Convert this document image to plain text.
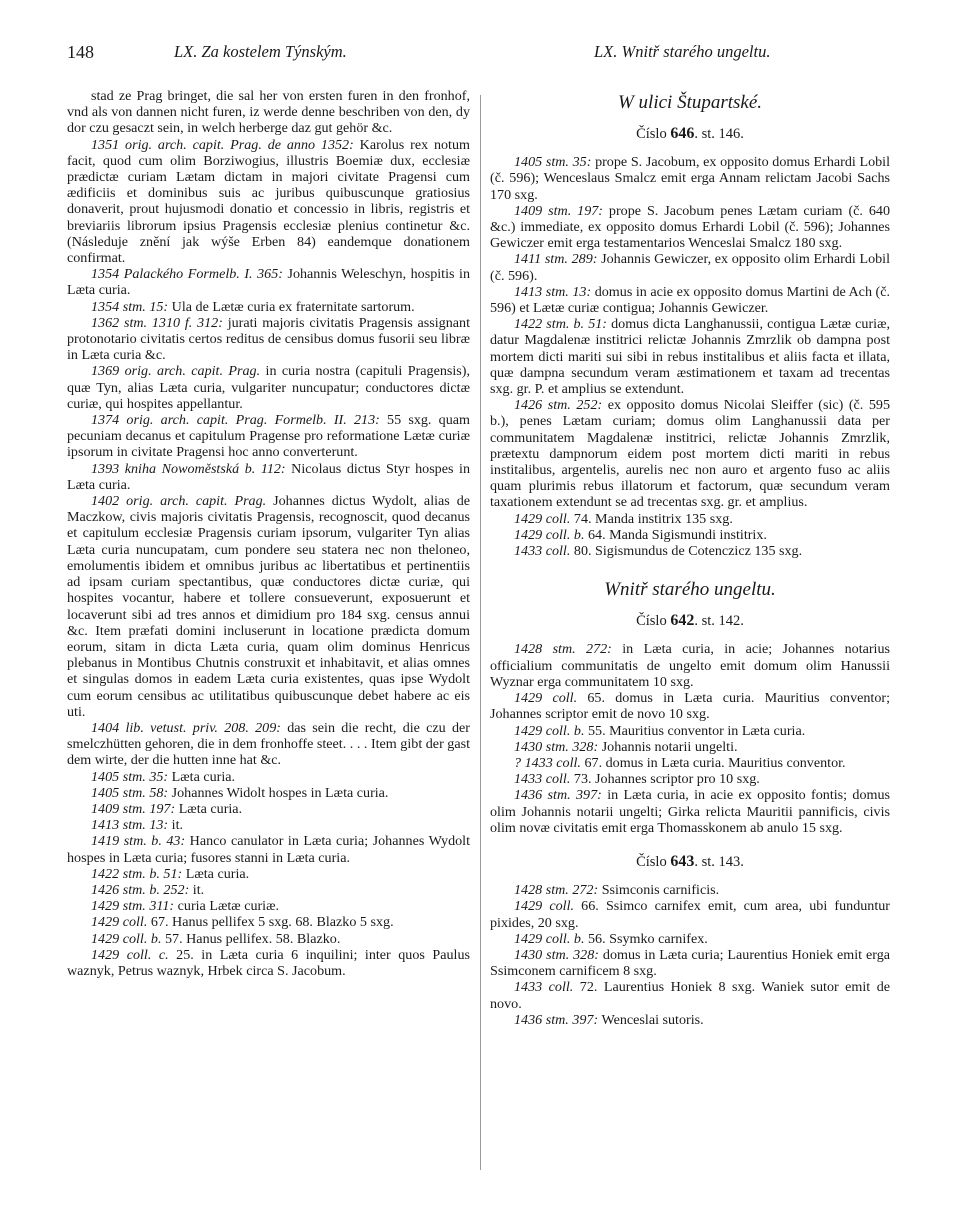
148	LX. Za kostelem Týnským.	LX. Wnitř starého ungeltu.

stad ze Prag bringet, die sal her von ersten furen in den fronhof, vnd als von dannen nicht furen, iz werde denne beschriben von den, dy dor czu gesaczt sein, in welch herberge daz gut gehör &c.

1351 orig. arch. capit. Prag. de anno 1352: Karolus rex notum facit, quod cum olim Borziwogius, illustris Boemiæ dux, ecclesiæ prædictæ curiam Lætam dictam in majori civitate Pragensi cum ædificiis et dominibus suis ac juribus quibuscunque gratiosius donaverit, prout hujusmodi donatio et concessio in libris, registris et breviariis librorum ipsius Pragensis ecclesiæ plenius continetur &c. (Následuje znění jak wýše Erben 84) eandemque donationem confirmat.

1354 Palackého Formelb. I. 365: Johannis Weleschyn, hospitis in Læta curia.

1354 stm. 15: Ula de Lætæ curia ex fraternitate sartorum.

1362 stm. 1310 f. 312: jurati majoris civitatis Pragensis assignant protonotario civitatis certos reditus de censibus domus fusorii seu libræ in Læta curia &c.

1369 orig. arch. capit. Prag. in curia nostra (capituli Pragensis), quæ Tyn, alias Læta curia, vulgariter nuncupatur; conductores dictæ curiæ, qui hospites appellantur.

1374 orig. arch. capit. Prag. Formelb. II. 213: 55 sxg. quam pecuniam decanus et capitulum Pragense pro reformatione Lætæ curiæ ipsorum in civitate Pragensi hoc anno converterunt.

1393 kniha Nowoměstská b. 112: Nicolaus dictus Styr hospes in Læta curia.

1402 orig. arch. capit. Prag. Johannes dictus Wydolt, alias de Maczkow, civis majoris civitatis Pragensis, recognoscit, quod decanus et capitulum ecclesiæ Pragensis curiam ipsorum, vulgariter Tyn alias Læta curia nuncupatam, cum pondere seu statera nec non theloneo, emolumentis ibidem et omnibus juribus ac libertatibus et pertinentiis ad ipsam curiam spectantibus, quæ conductores dictæ curiæ, qui hospites vocantur, habere et tollere consueverunt, exposuerunt et locaverunt sibi ad tres annos et dimidium pro 184 sxg. census annui &c. Item præfati domini incluserunt in locatione prædicta domum eorum, sitam in dicta Læta curia, quam olim dominus Henricus plebanus in Montibus Chutnis construxit et inhabitavit, et alias omnes et singulas domos in eadem Læta curia existentes, quas ipse Wydolt cum eorum censibus ac utilitatibus quibuscunque debet habere ac eis uti.

1404 lib. vetust. priv. 208. 209: das sein die recht, die czu der smelczhütten gehoren, die in dem fronhoffe steet. . . . Item gibt der gast dem wirte, der die hutten inne hat &c.

1405 stm. 35: Læta curia.

1405 stm. 58: Johannes Widolt hospes in Læta curia.

1409 stm. 197: Læta curia.

1413 stm. 13: it.

1419 stm. b. 43: Hanco canulator in Læta curia; Johannes Wydolt hospes in Læta curia; fusores stanni in Læta curia.

1422 stm. b. 51: Læta curia.

1426 stm. b. 252: it.

1429 stm. 311: curia Lætæ curiæ.

1429 coll. 67. Hanus pellifex 5 sxg. 68. Blazko 5 sxg.

1429 coll. b. 57. Hanus pellifex. 58. Blazko.

1429 coll. c. 25. in Læta curia 6 inquilini; inter quos Paulus waznyk, Petrus waznyk, Hrbek circa S. Jacobum.

W ulici Štupartské.

Číslo 646. st. 146.

1405 stm. 35: prope S. Jacobum, ex opposito domus Erhardi Lobil (č. 596); Wenceslaus Smalcz emit erga Annam relictam Jacobi Sachs 170 sxg.

1409 stm. 197: prope S. Jacobum penes Lætam curiam (č. 640 &c.) immediate, ex opposito domus Erhardi Lobil (č. 596); Johannes Gewiczer emit erga testamentarios Wenceslai Smalcz 180 sxg.

1411 stm. 289: Johannis Gewiczer, ex opposito olim Erhardi Lobil (č. 596).

1413 stm. 13: domus in acie ex opposito domus Martini de Ach (č. 596) et Lætæ curiæ contigua; Johannis Gewiczer.

1422 stm. b. 51: domus dicta Langhanussii, contigua Lætæ curiæ, datur Magdalenæ institrici relictæ Johannis Zmrzlik ob dampna post mortem dicti mariti sui sibi in rebus institalibus et aliis facta et illata, quæ dampna secundum veram æstimationem et taxam ad trecentas sxg. gr. P. et amplius se extendunt.

1426 stm. 252: ex opposito domus Nicolai Sleiffer (sic) (č. 595 b.), penes Lætam curiam; domus olim Langhanussii data per communitatem Magdalenæ institrici, relictæ Johannis Zmrzlik, prætextu dampnorum eidem post mortem dicti mariti in rebus institalibus, argentelis, aurelis nec non auro et argento fuso ac aliis quam plurimis rebus illatorum et factorum, quæ secundum veram taxationem extendunt se ad trecentas sxg. gr. et amplius.

1429 coll. 74. Manda institrix 135 sxg.

1429 coll. b. 64. Manda Sigismundi institrix.

1433 coll. 80. Sigismundus de Cotenczicz 135 sxg.

Wnitř starého ungeltu.

Číslo 642. st. 142.

1428 stm. 272: in Læta curia, in acie; Johannes notarius officialium communitatis de ungelto emit domum olim Hanussii Wyznar erga communitatem 10 sxg.

1429 coll. 65. domus in Læta curia. Mauritius conventor; Johannes scriptor emit de novo 10 sxg.

1429 coll. b. 55. Mauritius conventor in Læta curia.

1430 stm. 328: Johannis notarii ungelti.

? 1433 coll. 67. domus in Læta curia. Mauritius conventor.

1433 coll. 73. Johannes scriptor pro 10 sxg.

1436 stm. 397: in Læta curia, in acie ex opposito fontis; domus olim Johannis notarii ungelti; Girka relicta Mauritii pannificis, civis olim novæ civitatis emit erga Thomasskonem ab anulo 15 sxg.

Číslo 643. st. 143.

1428 stm. 272: Ssimconis carnificis.

1429 coll. 66. Ssimco carnifex emit, cum area, ubi funduntur pixides, 20 sxg.

1429 coll. b. 56. Ssymko carnifex.

1430 stm. 328: domus in Læta curia; Laurentius Honiek emit erga Ssimconem carnificem 8 sxg.

1433 coll. 72. Laurentius Honiek 8 sxg. Waniek sutor emit de novo.

1436 stm. 397: Wenceslai sutoris.
